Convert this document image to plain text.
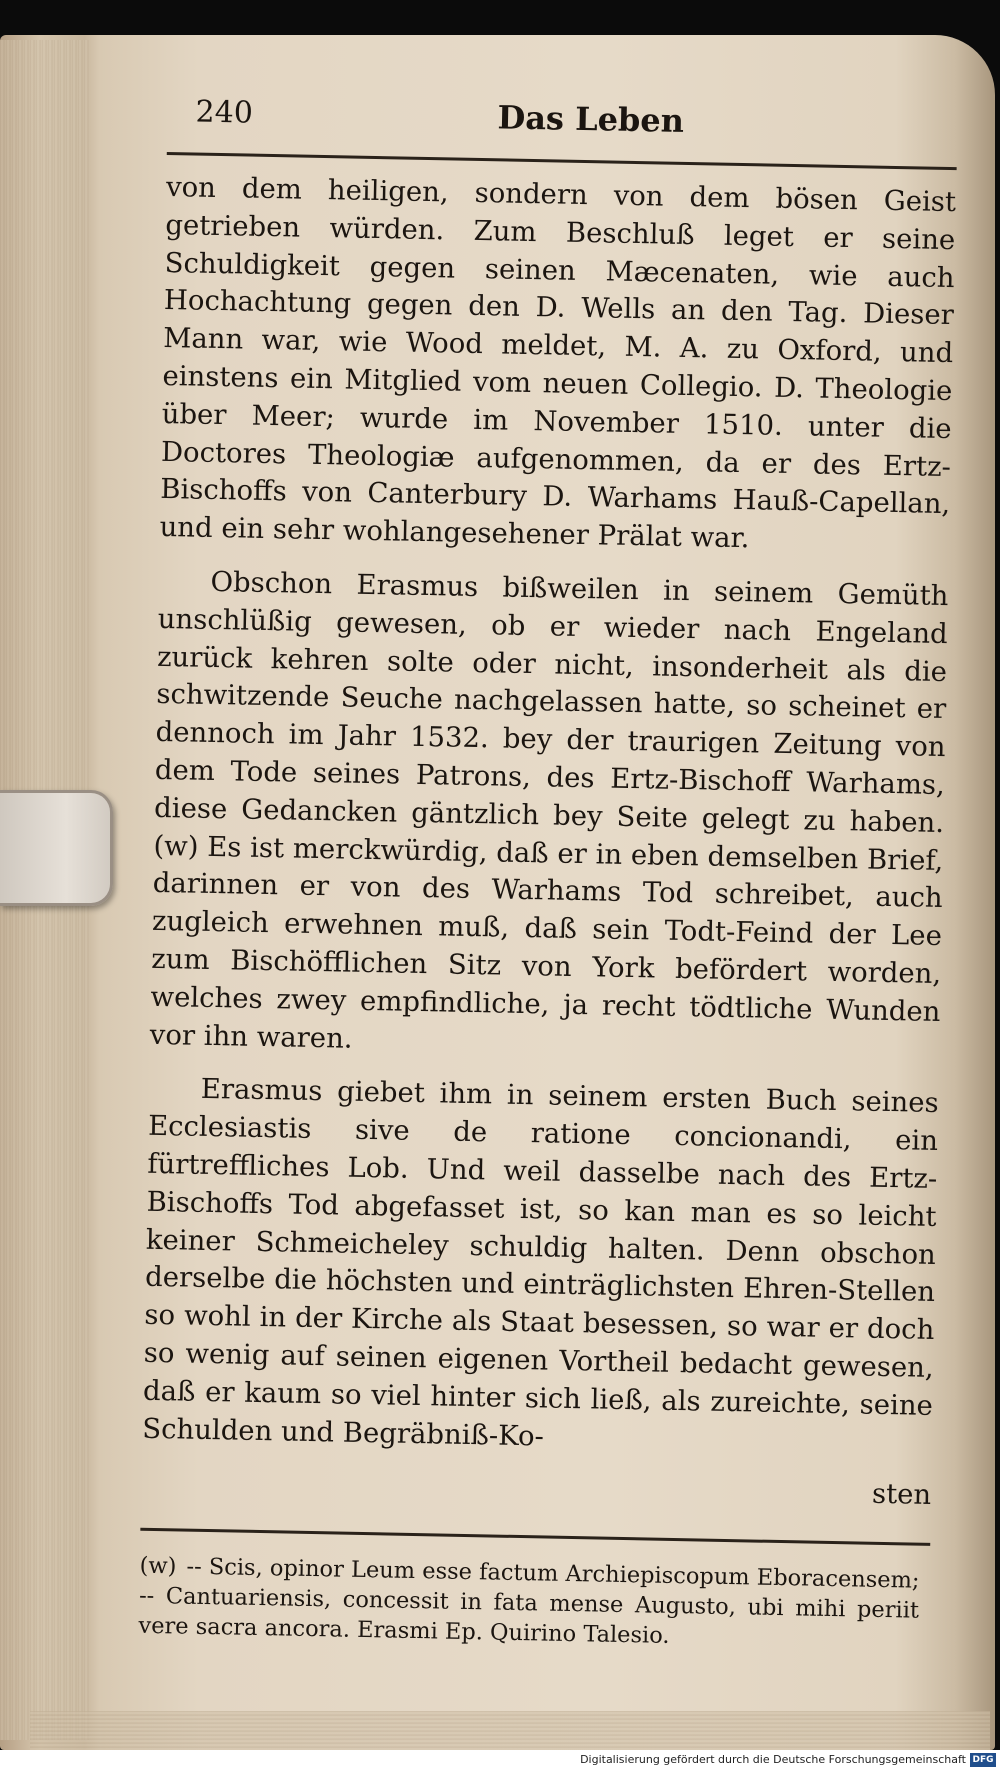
240	Das Leben

von dem heiligen, sondern von dem bösen Geist getrieben würden. Zum Beschluß leget er seine Schuldigkeit gegen seinen Mæcenaten, wie auch Hochachtung gegen den D. Wells an den Tag. Dieser Mann war, wie Wood meldet, M. A. zu Oxford, und einstens ein Mitglied vom neuen Collegio. D. Theologie über Meer; wurde im November 1510. unter die Doctores Theologiæ aufgenommen, da er des Ertz-Bischoffs von Canterbury D. Warhams Hauß-Capellan, und ein sehr wohlangesehener Prälat war.

Obschon Erasmus bißweilen in seinem Gemüth unschlüßig gewesen, ob er wieder nach Engeland zurück kehren solte oder nicht, insonderheit als die schwitzende Seuche nachgelassen hatte, so scheinet er dennoch im Jahr 1532. bey der traurigen Zeitung von dem Tode seines Patrons, des Ertz-Bischoff Warhams, diese Gedancken gäntzlich bey Seite gelegt zu haben. (w) Es ist merckwürdig, daß er in eben demselben Brief, darinnen er von des Warhams Tod schreibet, auch zugleich erwehnen muß, daß sein Todt-Feind der Lee zum Bischöfflichen Sitz von York befördert worden, welches zwey empfindliche, ja recht tödtliche Wunden vor ihn waren.

Erasmus giebet ihm in seinem ersten Buch seines Ecclesiastis sive de ratione concionandi, ein fürtreffliches Lob. Und weil dasselbe nach des Ertz-Bischoffs Tod abgefasset ist, so kan man es so leicht keiner Schmeicheley schuldig halten. Denn obschon derselbe die höchsten und einträglichsten Ehren-Stellen so wohl in der Kirche als Staat besessen, so war er doch so wenig auf seinen eigenen Vortheil bedacht gewesen, daß er kaum so viel hinter sich ließ, als zureichte, seine Schulden und Begräbniß-Ko-

sten

(w) -- Scis, opinor Leum esse factum Archiepiscopum Eboracensem; -- Cantuariensis, concessit in fata mense Augusto, ubi mihi periit vere sacra ancora. Erasmi Ep. Quirino Talesio.

Digitalisierung gefördert durch die Deutsche Forschungsgemeinschaft DFG
